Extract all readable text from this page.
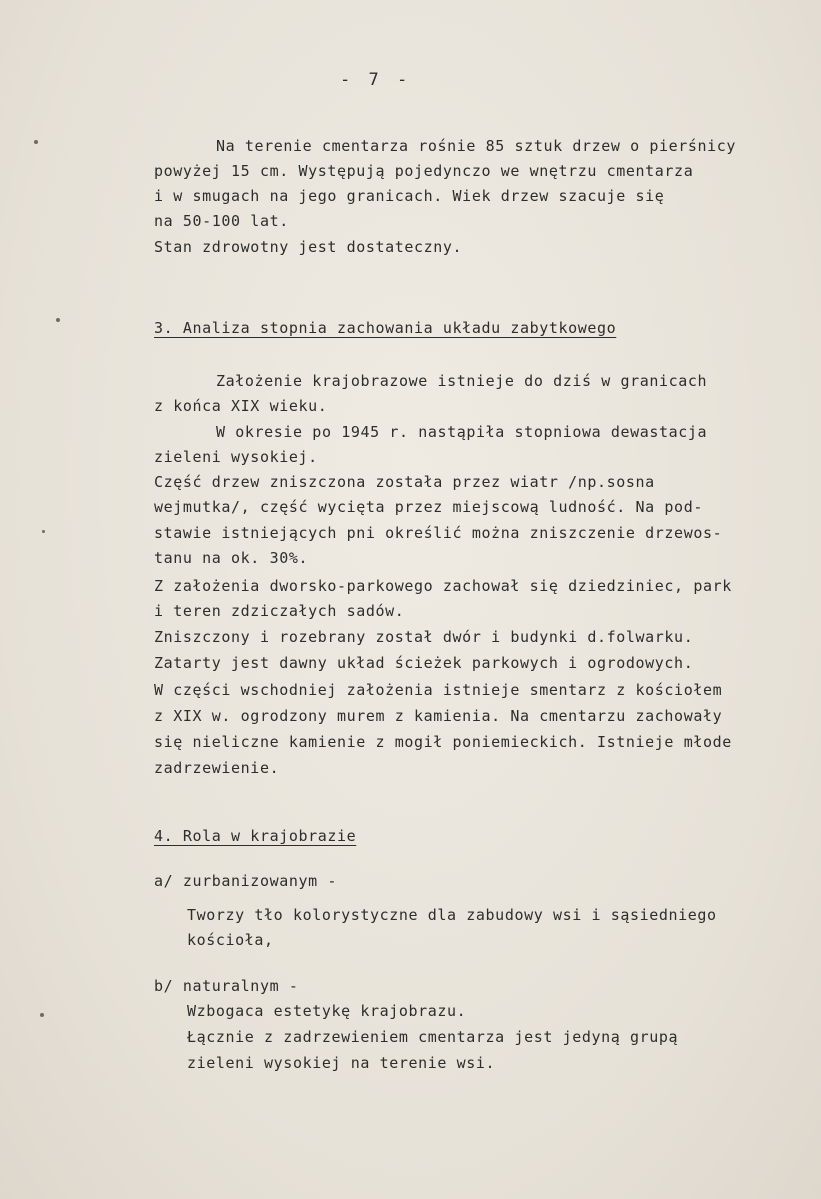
- 7 -
Na terenie cmentarza rośnie 85 sztuk drzew o pierśnicy
powyżej 15 cm. Występują pojedynczo we wnętrzu cmentarza
i w smugach na jego granicach. Wiek drzew szacuje się
na 50-100 lat.
Stan zdrowotny jest dostateczny.
3. Analiza stopnia zachowania układu zabytkowego
Założenie krajobrazowe istnieje do dziś w granicach
z końca XIX wieku.
W okresie po 1945 r. nastąpiła stopniowa dewastacja
zieleni wysokiej.
Część drzew zniszczona została przez wiatr /np.sosna
wejmutka/, część wycięta przez miejscową ludność. Na pod-
stawie istniejących pni określić można zniszczenie drzewos-
tanu na ok. 30%.
Z założenia dworsko-parkowego zachował się dziedziniec, park
i teren zdziczałych sadów.
Zniszczony i rozebrany został dwór i budynki d.folwarku.
Zatarty jest dawny układ ścieżek parkowych i ogrodowych.
W części wschodniej założenia istnieje smentarz z kościołem
z XIX w. ogrodzony murem z kamienia. Na cmentarzu zachowały
się nieliczne kamienie z mogił poniemieckich. Istnieje młode
zadrzewienie.
4. Rola w krajobrazie
a/ zurbanizowanym -
Tworzy tło kolorystyczne dla zabudowy wsi i sąsiedniego
kościoła,
b/ naturalnym -
Wzbogaca estetykę krajobrazu.
Łącznie z zadrzewieniem cmentarza jest jedyną grupą
zieleni wysokiej na terenie wsi.
